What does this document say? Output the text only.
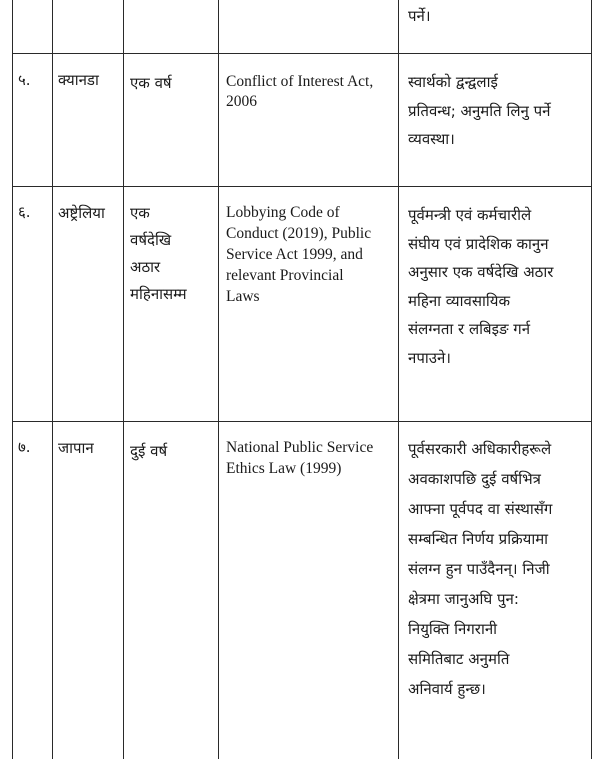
पर्ने।
५. क्यानडा एक वर्ष	Conflict of Interest Act,
2006
स्वार्थको द्वन्द्वलाई
प्रतिवन्ध; अनुमति लिनु पर्ने
व्यवस्था।
६. अष्ट्रेलिया एक
वर्षदेखि
अठार
महिनासम्म
Lobbying Code of
Conduct (2019), Public
Service Act 1999, and
relevant Provincial
Laws
पूर्वमन्त्री एवं कर्मचारीले
संघीय एवं प्रादेशिक कानुन
अनुसार एक वर्षदेखि अठार
महिना व्यावसायिक
संलग्नता र लबिइङ गर्न
नपाउने।
७. जापान दुई वर्ष	National Public Service
Ethics Law (1999)
पूर्वसरकारी अधिकारीहरूले
अवकाशपछि दुई वर्षभित्र
आफ्ना पूर्वपद वा संस्थासँग
सम्बन्धित निर्णय प्रक्रियामा
संलग्न हुन पाउँदैनन्। निजी
क्षेत्रमा जानुअघि पुन:
नियुक्ति निगरानी
समितिबाट अनुमति
अनिवार्य हुन्छ।
